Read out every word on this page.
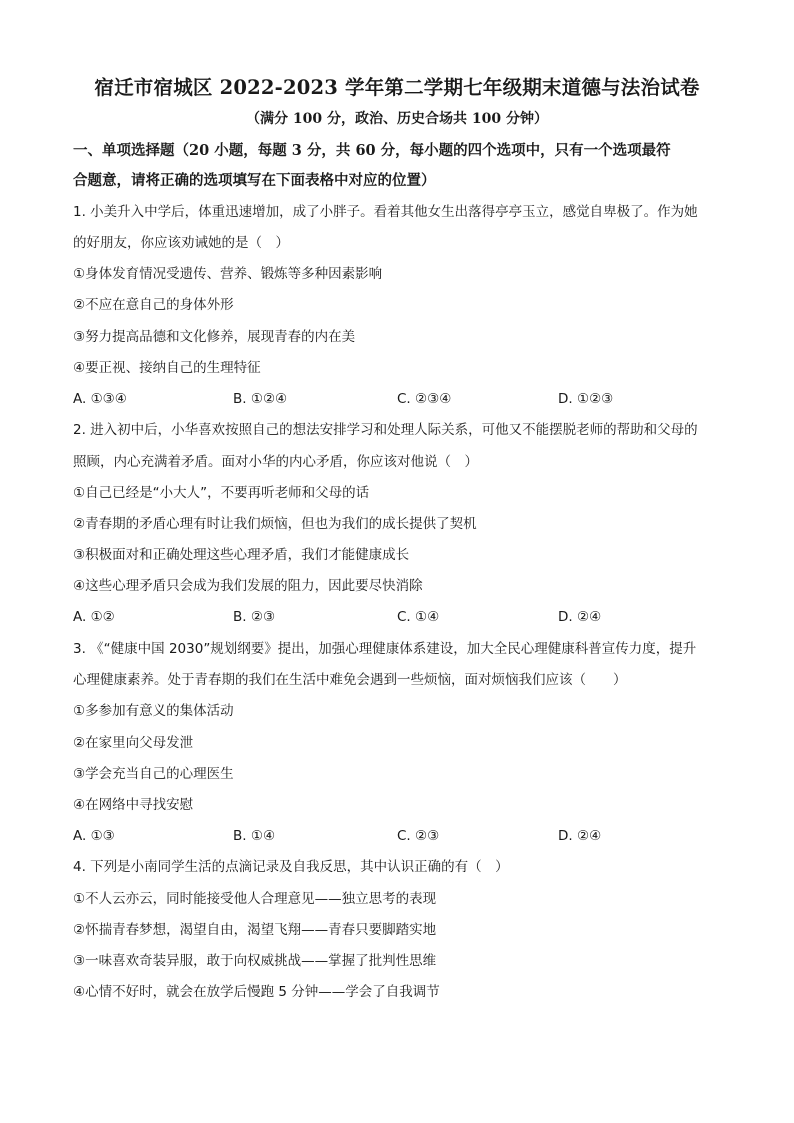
宿迁市宿城区 2022-2023 学年第二学期七年级期末道德与法治试卷
（满分 100 分，政治、历史合场共 100 分钟）
一、单项选择题（20 小题，每题 3 分，共 60 分，每小题的四个选项中，只有一个选项最符
合题意，请将正确的选项填写在下面表格中对应的位置）
1. 小美升入中学后，体重迅速增加，成了小胖子。看着其他女生出落得亭亭玉立，感觉自卑极了。作为她
的好朋友，你应该劝诫她的是（　）
①身体发育情况受遗传、营养、锻炼等多种因素影响
②不应在意自己的身体外形
③努力提高品德和文化修养，展现青春的内在美
④要正视、接纳自己的生理特征
A. ①③④	B. ①②④	C. ②③④	D. ①②③
2. 进入初中后，小华喜欢按照自己的想法安排学习和处理人际关系，可他又不能摆脱老师的帮助和父母的
照顾，内心充满着矛盾。面对小华的内心矛盾，你应该对他说（　）
①自己已经是“小大人”，不要再听老师和父母的话
②青春期的矛盾心理有时让我们烦恼，但也为我们的成长提供了契机
③积极面对和正确处理这些心理矛盾，我们才能健康成长
④这些心理矛盾只会成为我们发展的阻力，因此要尽快消除
A. ①②	B. ②③	C. ①④	D. ②④
3. 《“健康中国 2030”规划纲要》提出，加强心理健康体系建设，加大全民心理健康科普宣传力度，提升
心理健康素养。处于青春期的我们在生活中难免会遇到一些烦恼，面对烦恼我们应该（　　）
①多参加有意义的集体活动
②在家里向父母发泄
③学会充当自己的心理医生
④在网络中寻找安慰
A. ①③	B. ①④	C. ②③	D. ②④
4. 下列是小南同学生活的点滴记录及自我反思，其中认识正确的有（　）
①不人云亦云，同时能接受他人合理意见——独立思考的表现
②怀揣青春梦想，渴望自由，渴望飞翔——青春只要脚踏实地
③一味喜欢奇装异服，敢于向权威挑战——掌握了批判性思维
④心情不好时，就会在放学后慢跑 5 分钟——学会了自我调节
